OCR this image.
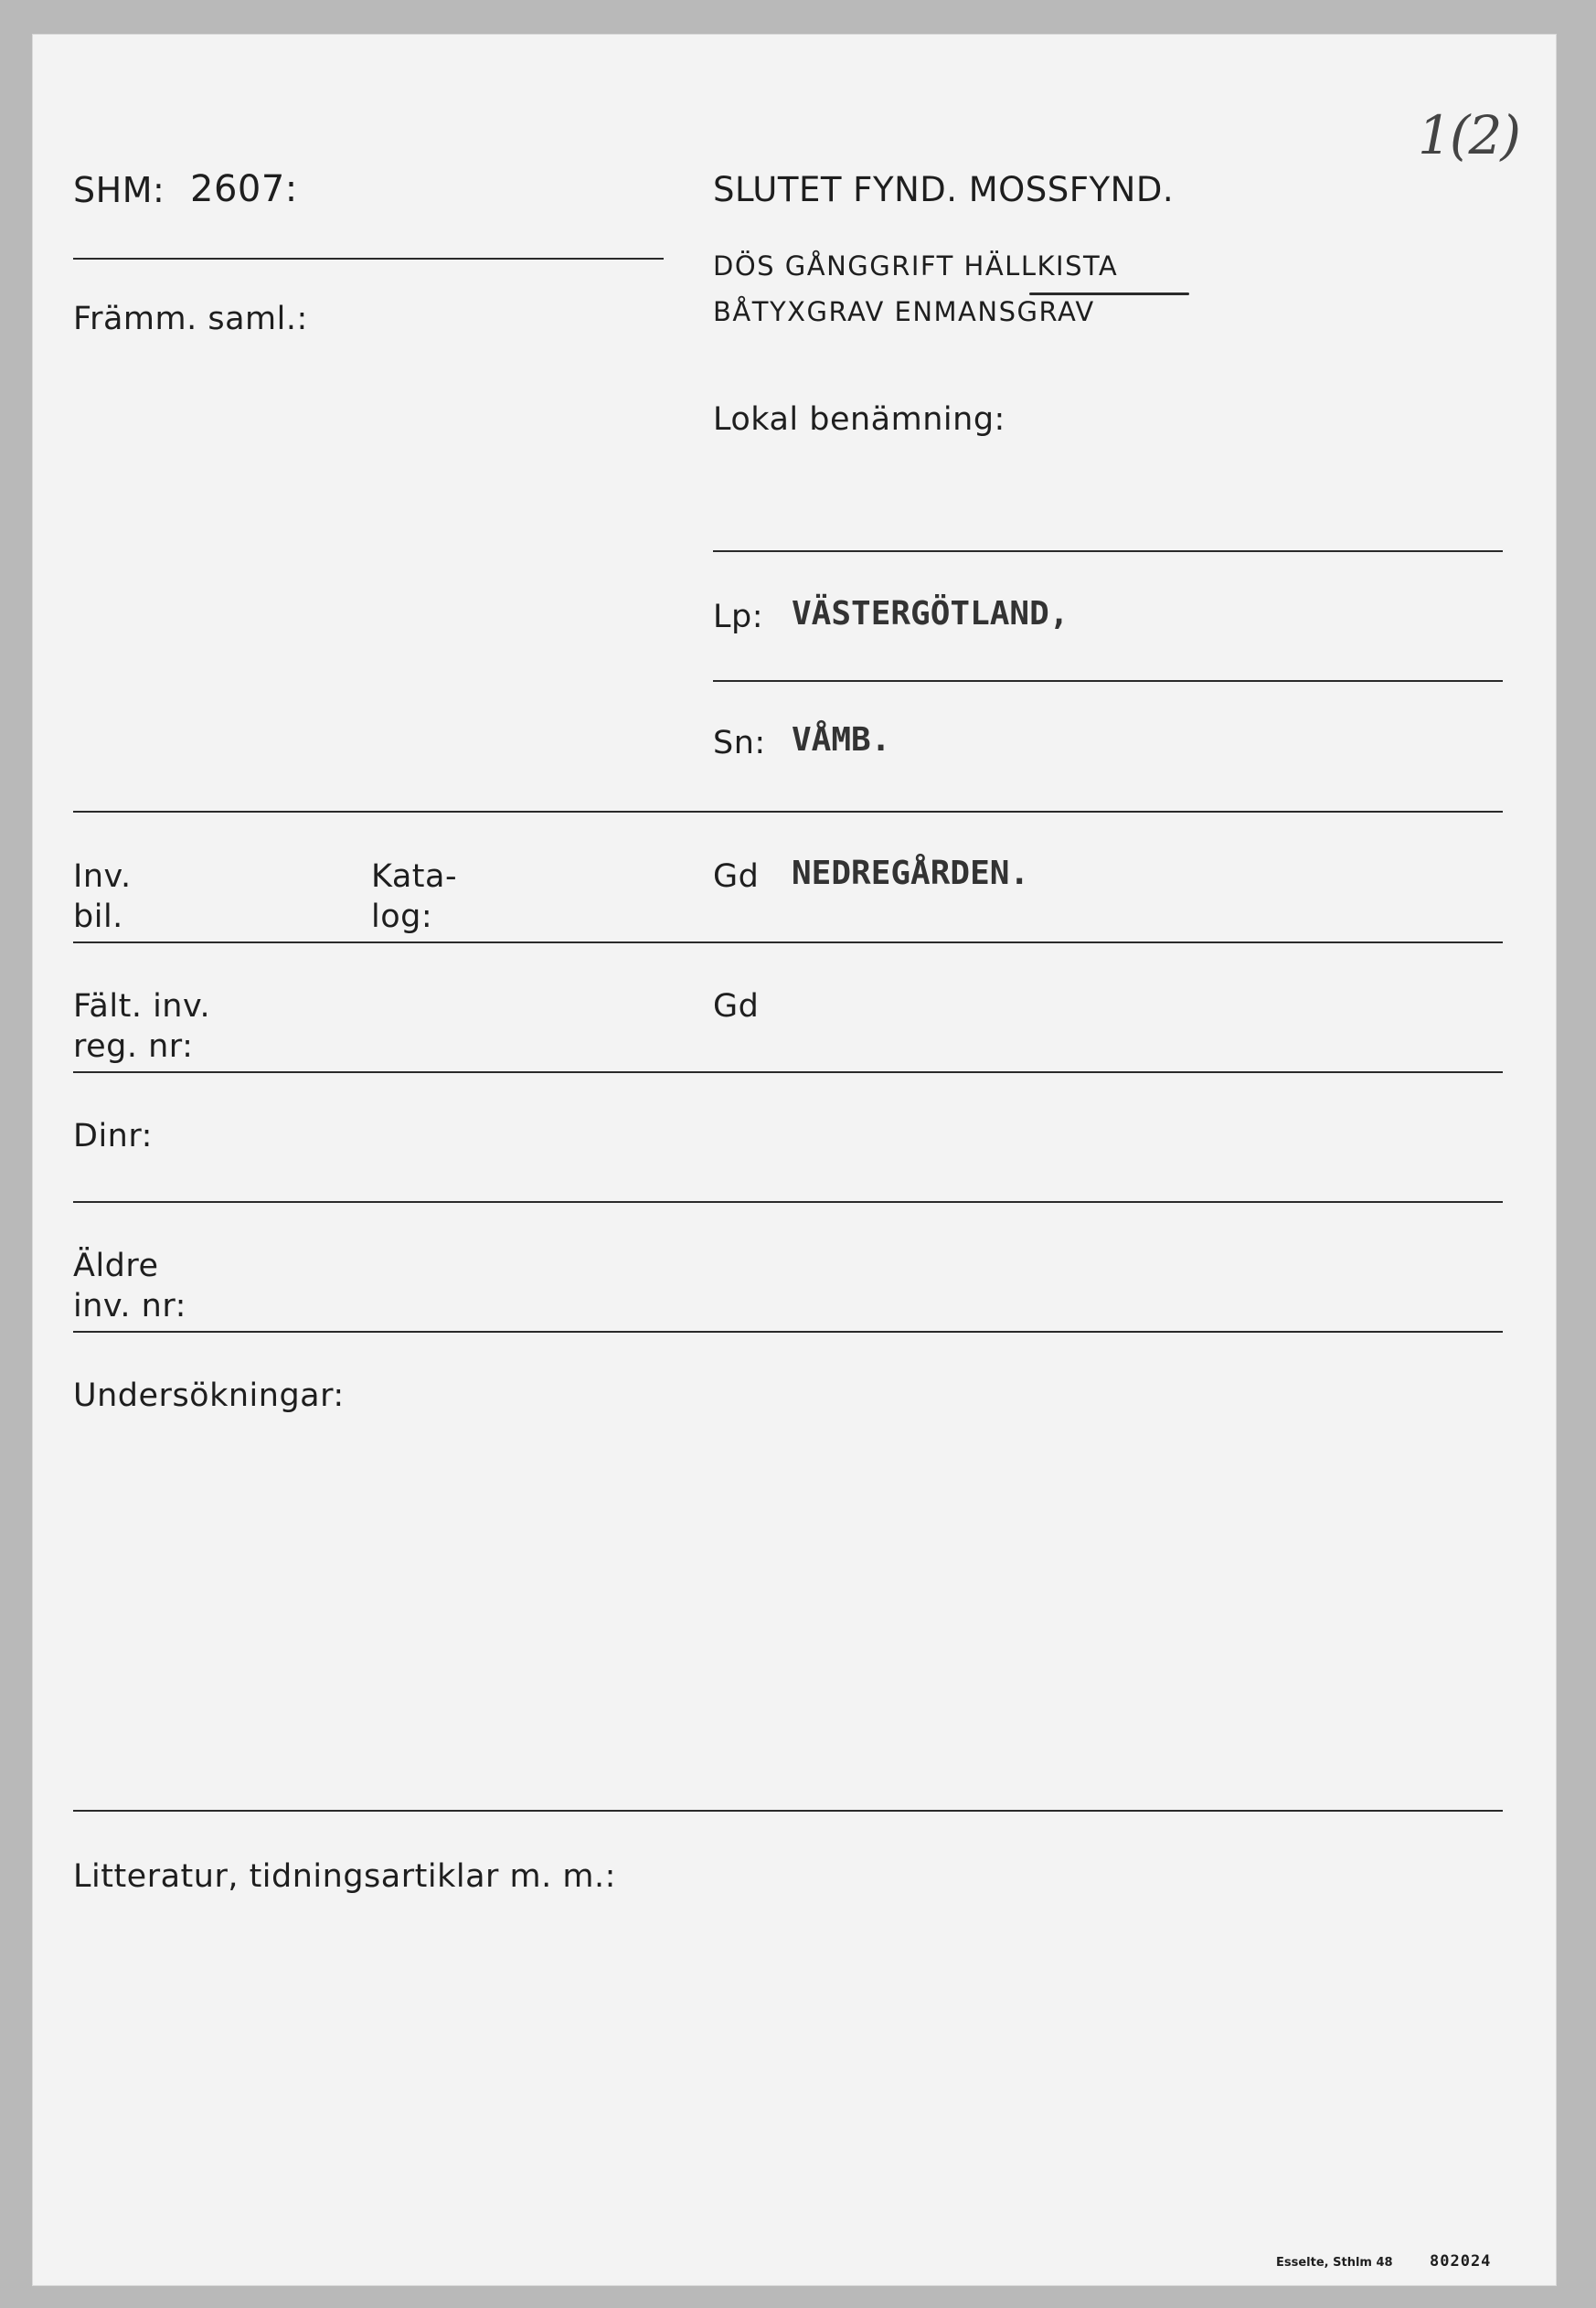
1(2)
SHM: 2607:
Främm. saml.:
SLUTET FYND. MOSSFYND.
DÖS GÅNGGRIFT HÄLLKISTA
BÅTYXGRAV ENMANSGRAV
Lokal benämning:
Lp: VÄSTERGÖTLAND,
Sn: VÅMB.
Inv.
bil.
Kata-
log:
Gd NEDREGÅRDEN.
Fält. inv.
reg. nr:
Gd
Dinr:
Äldre
inv. nr:
Undersökningar:
Litteratur, tidningsartiklar m. m.:
Esselte, Sthlm 48 802024
